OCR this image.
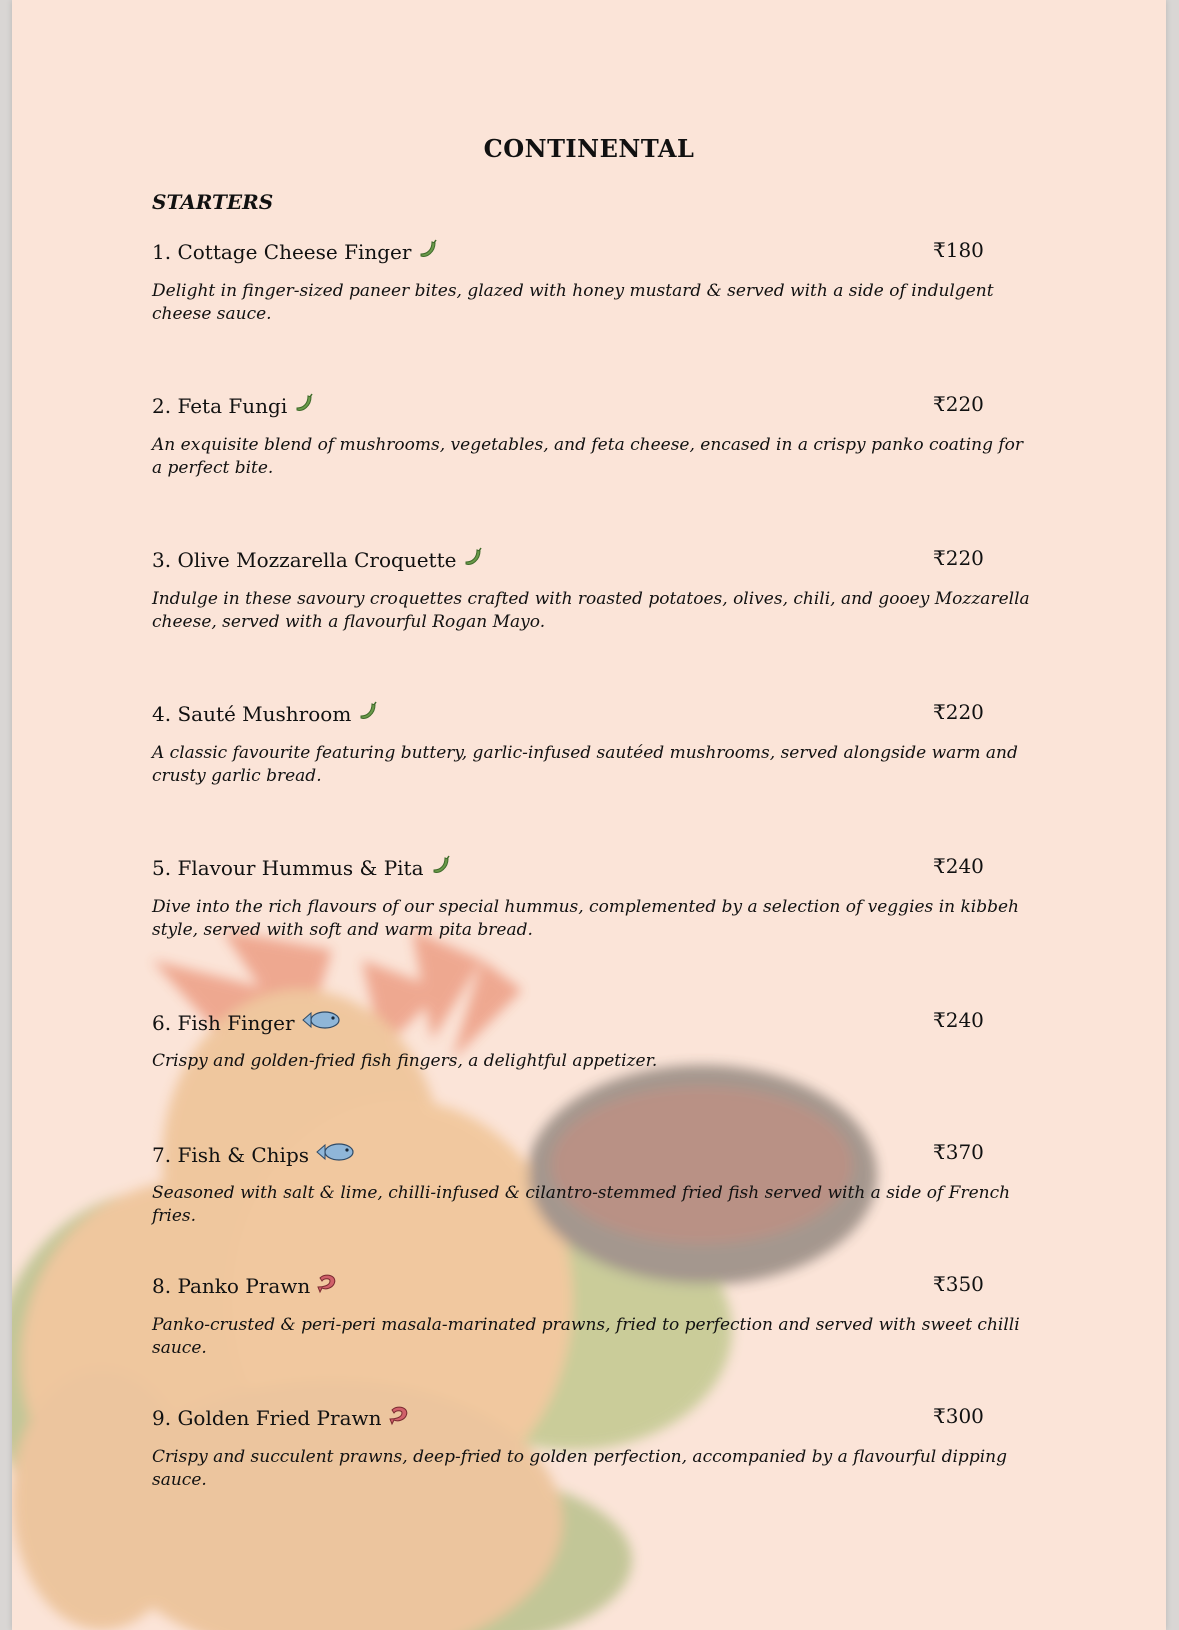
CONTINENTAL
STARTERS
1. Cottage Cheese Finger	₹180
Delight in finger-sized paneer bites, glazed with honey mustard & served with a side of indulgent cheese sauce.
2. Feta Fungi	₹220
An exquisite blend of mushrooms, vegetables, and feta cheese, encased in a crispy panko coating for a perfect bite.
3. Olive Mozzarella Croquette	₹220
Indulge in these savoury croquettes crafted with roasted potatoes, olives, chili, and gooey Mozzarella cheese, served with a flavourful Rogan Mayo.
4. Sauté Mushroom	₹220
A classic favourite featuring buttery, garlic-infused sautéed mushrooms, served alongside warm and crusty garlic bread.
5. Flavour Hummus & Pita	₹240
Dive into the rich flavours of our special hummus, complemented by a selection of veggies in kibbeh style, served with soft and warm pita bread.
6. Fish Finger	₹240
Crispy and golden-fried fish fingers, a delightful appetizer.
7. Fish & Chips	₹370
Seasoned with salt & lime, chilli-infused & cilantro-stemmed fried fish served with a side of French fries.
8. Panko Prawn	₹350
Panko-crusted & peri-peri masala-marinated prawns, fried to perfection and served with sweet chilli sauce.
9. Golden Fried Prawn	₹300
Crispy and succulent prawns, deep-fried to golden perfection, accompanied by a flavourful dipping sauce.
